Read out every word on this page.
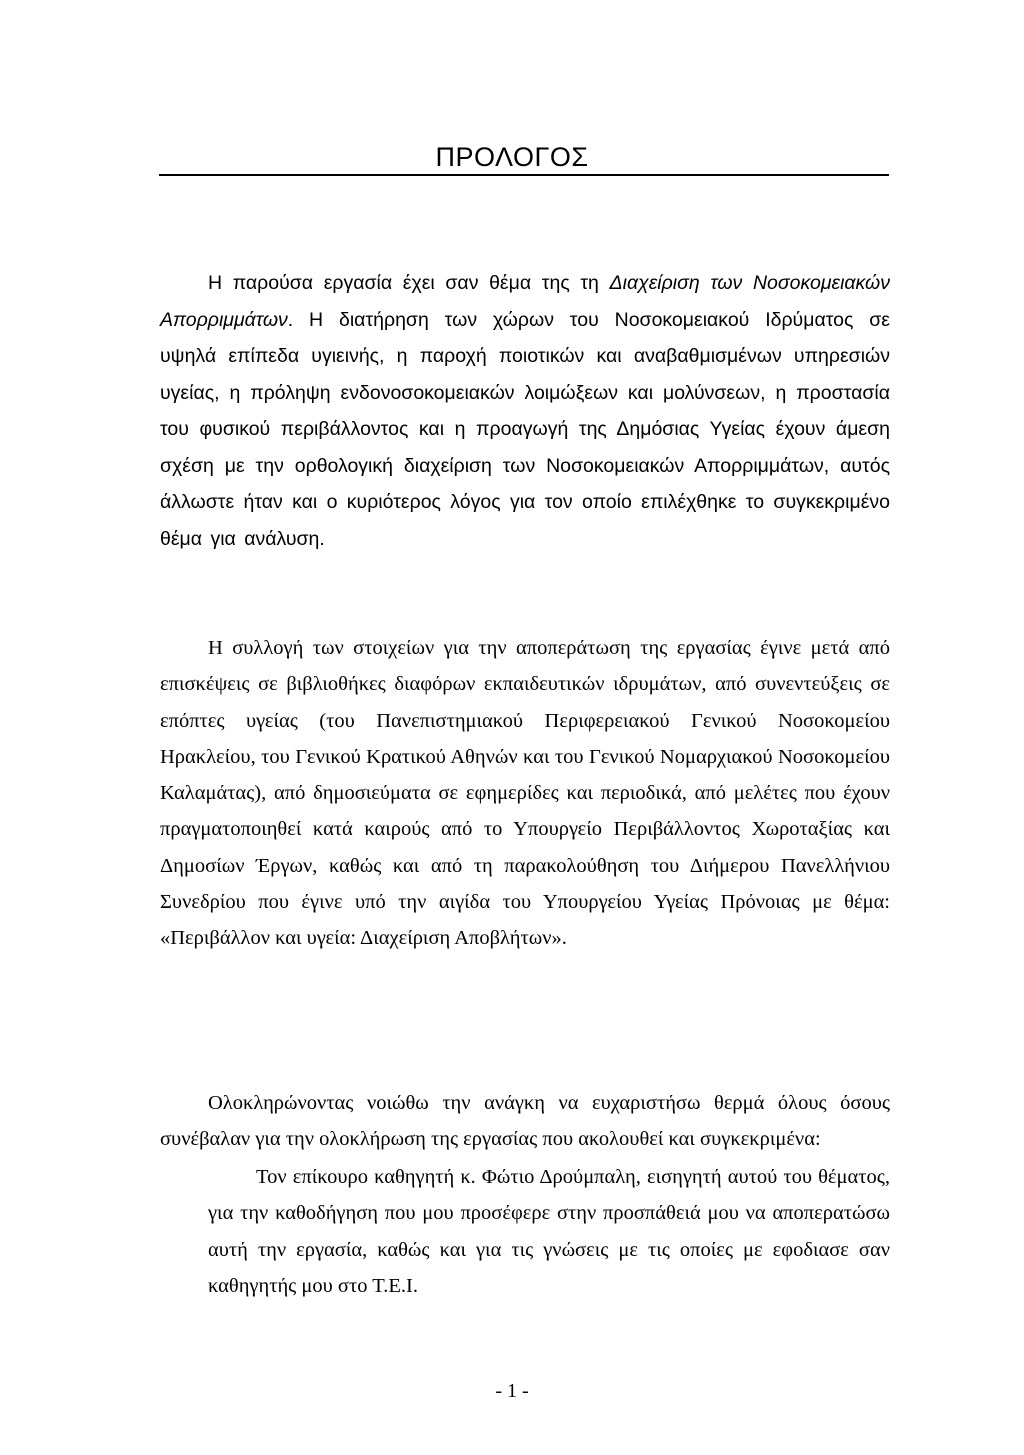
ΠΡΟΛΟΓΟΣ

Η παρούσα εργασία έχει σαν θέμα της τη Διαχείριση των Νοσοκομειακών Απορριμμάτων. Η διατήρηση των χώρων του Νοσοκομειακού Ιδρύματος σε υψηλά επίπεδα υγιεινής, η παροχή ποιοτικών και αναβαθμισμένων υπηρεσιών υγείας, η πρόληψη ενδονοσοκομειακών λοιμώξεων και μολύνσεων, η προστασία του φυσικού περιβάλλοντος και η προαγωγή της Δημόσιας Υγείας έχουν άμεση σχέση με την ορθολογική διαχείριση των Νοσοκομειακών Απορριμμάτων, αυτός άλλωστε ήταν και ο κυριότερος λόγος για τον οποίο επιλέχθηκε το συγκεκριμένο θέμα για ανάλυση.

Η συλλογή των στοιχείων για την αποπεράτωση της εργασίας έγινε μετά από επισκέψεις σε βιβλιοθήκες διαφόρων εκπαιδευτικών ιδρυμάτων, από συνεντεύξεις σε επόπτες υγείας (του Πανεπιστημιακού Περιφερειακού Γενικού Νοσοκομείου Ηρακλείου, του Γενικού Κρατικού Αθηνών και του Γενικού Νομαρχιακού Νοσοκομείου Καλαμάτας), από δημοσιεύματα σε εφημερίδες και περιοδικά, από μελέτες που έχουν πραγματοποιηθεί κατά καιρούς από το Υπουργείο Περιβάλλοντος Χωροταξίας και Δημοσίων Έργων, καθώς και από τη παρακολούθηση του Διήμερου Πανελλήνιου Συνεδρίου που έγινε υπό την αιγίδα του Υπουργείου Υγείας Πρόνοιας με θέμα: «Περιβάλλον και υγεία: Διαχείριση Αποβλήτων».

Ολοκληρώνοντας νοιώθω την ανάγκη να ευχαριστήσω θερμά όλους όσους συνέβαλαν για την ολοκλήρωση της εργασίας που ακολουθεί και συγκεκριμένα:

Τον επίκουρο καθηγητή κ. Φώτιο Δρούμπαλη, εισηγητή αυτού του θέματος, για την καθοδήγηση που μου προσέφερε στην προσπάθειά μου να αποπερατώσω αυτή την εργασία, καθώς και για τις γνώσεις με τις οποίες με εφοδιασε σαν καθηγητής μου στο Τ.Ε.Ι.

- 1 -
